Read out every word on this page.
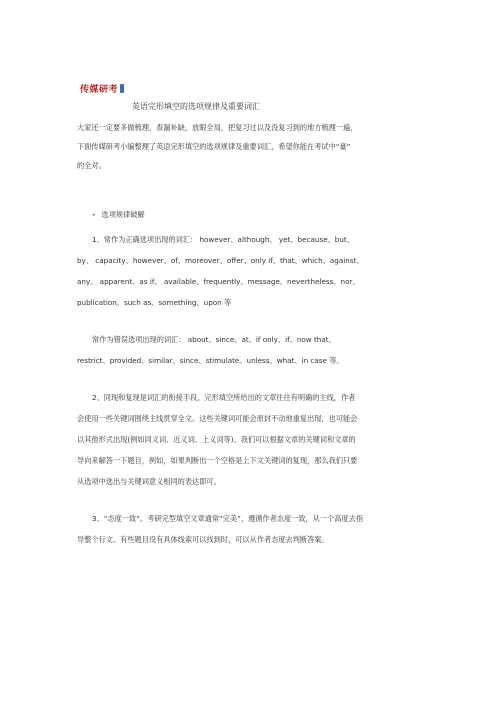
传媒研考
英语完形填空的选项规律及重要词汇
大家还一定要多做梳理，查漏补缺，放眼全局，把复习过以及没复习到的地方梳理一遍，
下面传媒研考小编整理了英语完形填空的选项规律及重要词汇，希望你能在考试中“豪”
的全对。
• 选项规律破解
1、常作为正确选项出现的词汇： however、although、 yet、because、but、
by、 capacity、however、of、moreover、offer、only if、that、which、against、
any、 apparent、as if、 available、frequently、message、nevertheless、nor、
publication、such as、something、upon 等
常作为错误选项出现的词汇： about、since、at、if only、if、now that、
restrict、provided、similar、since、stimulate、unless、what、in case 等。
2、同现和复现是词汇的衔接手段。完形填空所给出的文章往往有明确的主线，作者
会使用一些关键词围绕主线贯穿全文。这些关键词可能会原封不动地重复出现，也可能会
以其他形式出现(例如同义词、近义词、上义词等)。我们可以根据文章的关键词和文章的
导向来解答一下题目，例如，如果判断出一个空格是上下文关键词的复现，那么我们只要
从选项中选出与关键词意义相同的表达即可。
3、“态度一致”。考研完型填空文章通常“完美”，遵循作者态度一致，从一个高度去指
导整个行文。有些题目没有具体线索可以找到时，可以从作者态度去判断答案。
